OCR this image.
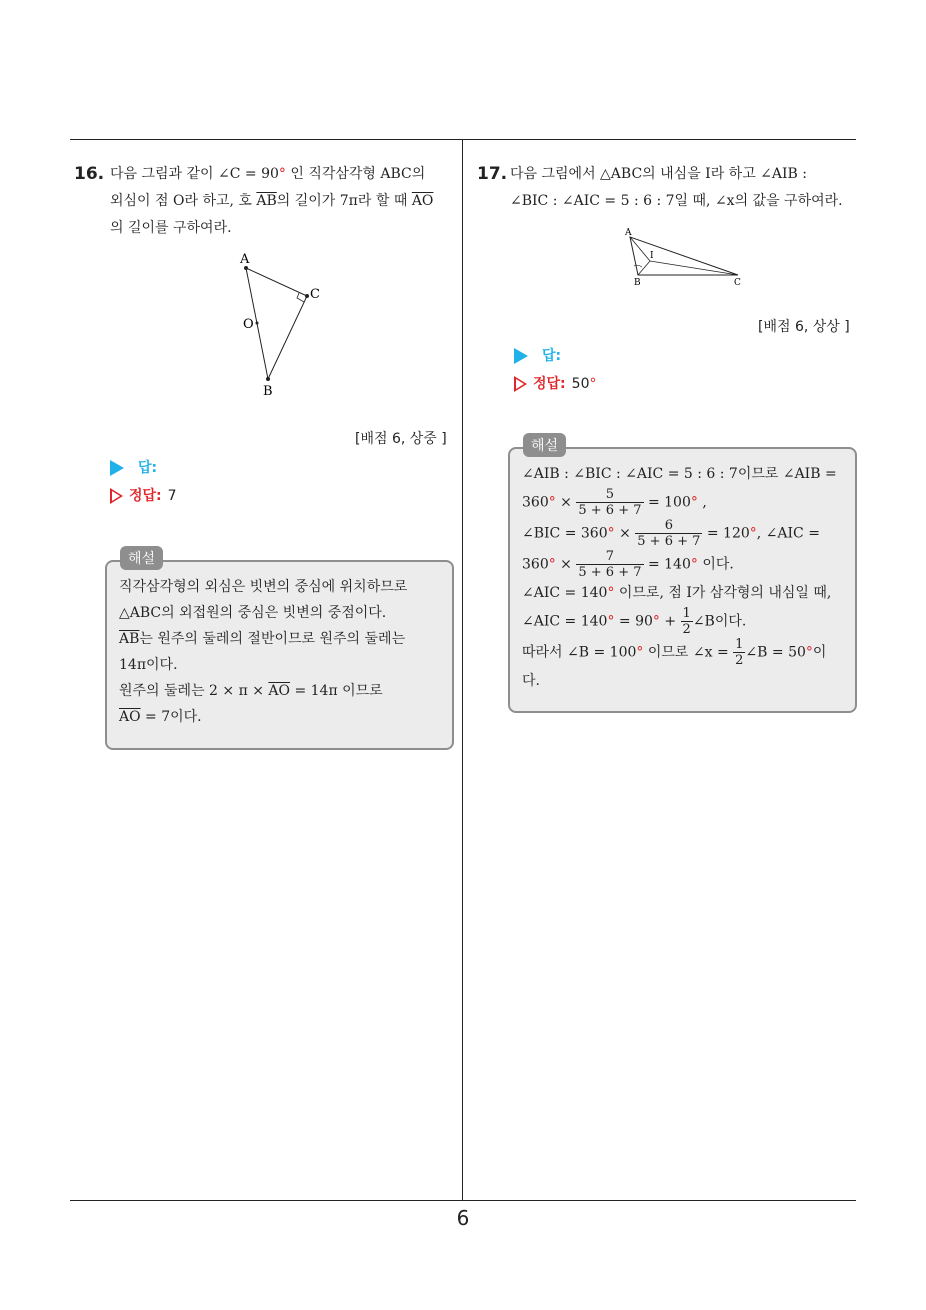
6
16. 다음 그림과 같이 ∠C = 90° 인 직각삼각형 ABC의
외심이 점 O라 하고, 호 $\overline{AB}$의 길이가 7π라 할 때 $\overline{AO}$
의 길이를 구하여라.
A
C
O
B
[배점 6, 상중 ]
답:
정답: 7
직각삼각형의 외심은 빗변의 중심에 위치하므로
△ABC의 외접원의 중심은 빗변의 중점이다.
$\overline{AB}$는 원주의 둘레의 절반이므로 원주의 둘레는
14π이다.
원주의 둘레는 $2 \times \pi \times \overline{AO} = 14\pi$ 이므로
$\overline{AO} = 7$이다.
해설
17. 다음 그림에서 △ABC의 내심을 I라 하고 ∠AIB :
∠BIC : ∠AIC = 5 : 6 : 7일 때, ∠x의 값을 구하여라.
A
I
B	C
[배점 6, 상상 ]
답:
정답: 50°
∠AIB : ∠BIC : ∠AIC = 5 : 6 : 7이므로 ∠AIB =
$360^\circ \times \frac{5}{5 + 6 + 7} = 100^\circ$ ,
∠BIC = $360^\circ \times \frac{6}{5 + 6 + 7} = 120^\circ$, ∠AIC =
$360^\circ \times \frac{7}{5 + 6 + 7} = 140^\circ$ 이다.
∠AIC = 140° 이므로, 점 I가 삼각형의 내심일 때,
∠AIC = $140^\circ = 90^\circ + \frac{1}{2}$ ∠B이다.
따라서 ∠B = 100° 이므로 ∠x = $\frac{1}{2}$ ∠B = 50°이
다.
해설
